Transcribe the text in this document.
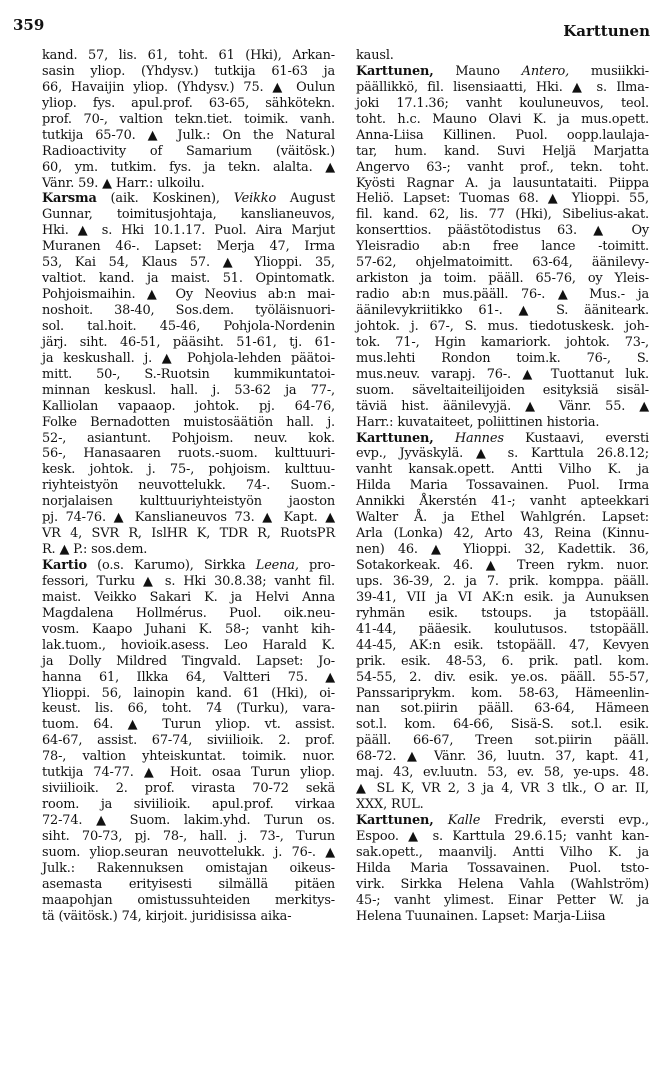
359	Karttunen
kand. 57, lis. 61, toht. 61 (Hki), Arkan-
sasin yliop. (Yhdysv.) tutkija 61-63 ja
66, Havaijin yliop. (Yhdysv.) 75. ▲ Oulun
yliop. fys. apul.prof. 63-65, sähkötekn.
prof. 70-, valtion tekn.tiet. toimik. vanh.
tutkija 65-70. ▲ Julk.: On the Natural
Radioactivity of Samarium (väitösk.)
60, ym. tutkim. fys. ja tekn. alalta. ▲
Vänr. 59. ▲ Harr.: ulkoilu.
Karsma (aik. Koskinen), Veikko August
Gunnar, toimitusjohtaja, kanslianeuvos,
Hki. ▲ s. Hki 10.1.17. Puol. Aira Marjut
Muranen 46-. Lapset: Merja 47, Irma
53, Kai 54, Klaus 57. ▲ Ylioppi. 35,
valtiot. kand. ja maist. 51. Opintomatk.
Pohjoismaihin. ▲ Oy Neovius ab:n mai-
noshoit. 38-40, Sos.dem. työläisnuori-
sol. tal.hoit. 45-46, Pohjola-Nordenin
järj. siht. 46-51, pääsiht. 51-61, tj. 61-
ja keskushall. j. ▲ Pohjola-lehden päätoi-
mitt. 50-, S.-Ruotsin kummikuntatoi-
minnan keskusl. hall. j. 53-62 ja 77-,
Kalliolan vapaaop. johtok. pj. 64-76,
Folke Bernadotten muistosäätiön hall. j.
52-, asiantunt. Pohjoism. neuv. kok.
56-, Hanasaaren ruots.-suom. kulttuuri-
kesk. johtok. j. 75-, pohjoism. kulttuu-
riyhteistyön neuvottelukk. 74-. Suom.-
norjalaisen kulttuuriyhteistyön jaoston
pj. 74-76. ▲ Kanslianeuvos 73. ▲ Kapt. ▲
VR 4, SVR R, IslHR K, TDR R, RuotsPR
R. ▲ P.: sos.dem.
Kartio (o.s. Karumo), Sirkka Leena, pro-
fessori, Turku ▲ s. Hki 30.8.38; vanht fil.
maist. Veikko Sakari K. ja Helvi Anna
Magdalena Hollmérus. Puol. oik.neu-
vosm. Kaapo Juhani K. 58-; vanht kih-
lak.tuom., hovioik.asess. Leo Harald K.
ja Dolly Mildred Tingvald. Lapset: Jo-
hanna 61, Ilkka 64, Valtteri 75. ▲
Ylioppi. 56, lainopin kand. 61 (Hki), oi-
keust. lis. 66, toht. 74 (Turku), vara-
tuom. 64. ▲ Turun yliop. vt. assist.
64-67, assist. 67-74, siviilioik. 2. prof.
78-, valtion yhteiskuntat. toimik. nuor.
tutkija 74-77. ▲ Hoit. osaa Turun yliop.
siviilioik. 2. prof. virasta 70-72 sekä
room. ja siviilioik. apul.prof. virkaa
72-74. ▲ Suom. lakim.yhd. Turun os.
siht. 70-73, pj. 78-, hall. j. 73-, Turun
suom. yliop.seuran neuvottelukk. j. 76-. ▲
Julk.: Rakennuksen omistajan oikeus-
asemasta erityisesti silmällä pitäen
maapohjan omistussuhteiden merkitys-
tä (väitösk.) 74, kirjoit. juridisissa aika-
kausl.
Karttunen, Mauno Antero, musiikki-
päällikkö, fil. lisensiaatti, Hki. ▲ s. Ilma-
joki 17.1.36; vanht kouluneuvos, teol.
toht. h.c. Mauno Olavi K. ja mus.opett.
Anna-Liisa Killinen. Puol. oopp.laulaja-
tar, hum. kand. Suvi Heljä Marjatta
Angervo 63-; vanht prof., tekn. toht.
Kyösti Ragnar A. ja lausuntataiti. Piippa
Heliö. Lapset: Tuomas 68. ▲ Ylioppi. 55,
fil. kand. 62, lis. 77 (Hki), Sibelius-akat.
konserttios. päästötodistus 63. ▲ Oy
Yleisradio ab:n free lance -toimitt.
57-62, ohjelmatoimitt. 63-64, äänilevy-
arkiston ja toim. pääll. 65-76, oy Yleis-
radio ab:n mus.pääll. 76-. ▲ Mus.- ja
äänilevykriitikko 61-. ▲ S. ääniteark.
johtok. j. 67-, S. mus. tiedotuskesk. joh-
tok. 71-, Hgin kamariork. johtok. 73-,
mus.lehti Rondon toim.k. 76-, S.
mus.neuv. varapj. 76-. ▲ Tuottanut luk.
suom. säveltaiteilijoiden esityksiä sisäl-
täviä hist. äänilevyjä. ▲ Vänr. 55. ▲
Harr.: kuvataiteet, poliittinen historia.
Karttunen, Hannes Kustaavi, eversti
evp., Jyväskylä. ▲ s. Karttula 26.8.12;
vanht kansak.opett. Antti Vilho K. ja
Hilda Maria Tossavainen. Puol. Irma
Annikki Åkerstén 41-; vanht apteekkari
Walter Å. ja Ethel Wahlgrén. Lapset:
Arla (Lonka) 42, Arto 43, Reina (Kinnu-
nen) 46. ▲ Ylioppi. 32, Kadettik. 36,
Sotakorkeak. 46. ▲ Treen rykm. nuor.
ups. 36-39, 2. ja 7. prik. komppa. pääll.
39-41, VII ja VI AK:n esik. ja Aunuksen
ryhmän esik. tstoups. ja tstopääll.
41-44, pääesik. koulutusos. tstopääll.
44-45, AK:n esik. tstopääll. 47, Kevyen
prik. esik. 48-53, 6. prik. patl. kom.
54-55, 2. div. esik. ye.os. pääll. 55-57,
Panssariprykm. kom. 58-63, Hämeenlin-
nan sot.piirin pääll. 63-64, Hämeen
sot.l. kom. 64-66, Sisä-S. sot.l. esik.
pääll. 66-67, Treen sot.piirin pääll.
68-72. ▲ Vänr. 36, luutn. 37, kapt. 41,
maj. 43, ev.luutn. 53, ev. 58, ye-ups. 48.
▲ SL K, VR 2, 3 ja 4, VR 3 tlk., O ar. II,
XXX, RUL.
Karttunen, Kalle Fredrik, eversti evp.,
Espoo. ▲ s. Karttula 29.6.15; vanht kan-
sak.opett., maanvilj. Antti Vilho K. ja
Hilda Maria Tossavainen. Puol. tsto-
virk. Sirkka Helena Vahla (Wahlström)
45-; vanht ylimest. Einar Petter W. ja
Helena Tuunainen. Lapset: Marja-Liisa
